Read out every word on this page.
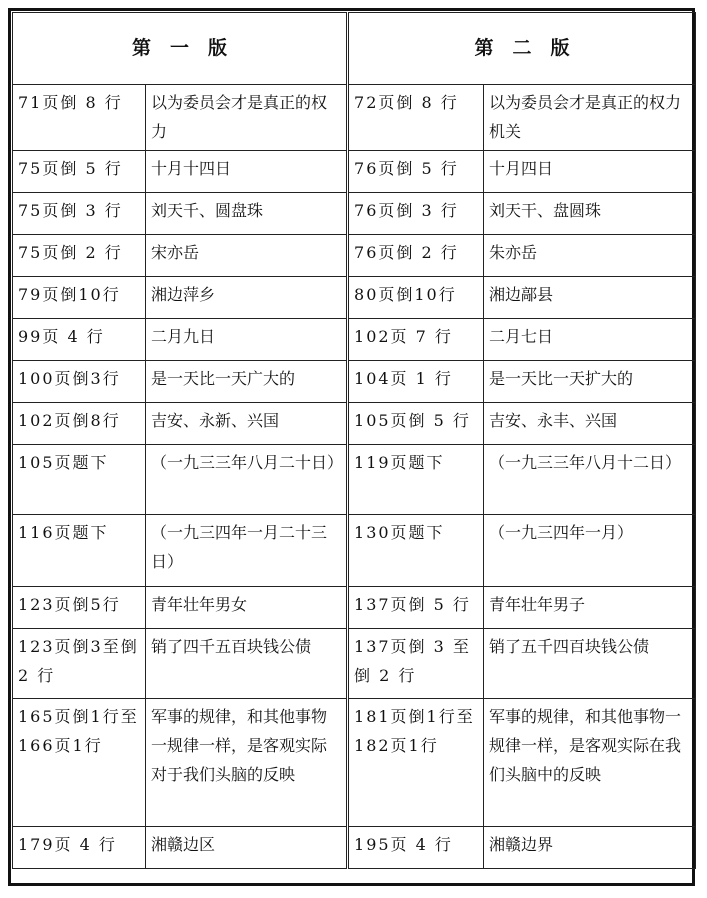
第　一　版		第　二　版	
71页倒 8 行	以为委员会才是真正的权力	72页倒 8 行	以为委员会才是真正的权力机关
75页倒 5 行	十月十四日	76页倒 5 行	十月四日
75页倒 3 行	刘天千、圆盘珠	76页倒 3 行	刘天干、盘圆珠
75页倒 2 行	宋亦岳	76页倒 2 行	朱亦岳
79页倒10行	湘边萍乡	80页倒10行	湘边鄗县
99页 4 行	二月九日	102页 7 行	二月七日
100页倒3行	是一天比一天广大的	104页 1 行	是一天比一天扩大的
102页倒8行	吉安、永新、兴国	105页倒 5 行	吉安、永丰、兴国
105页题下	（一九三三年八月二十日）	119页题下	（一九三三年八月十二日）
116页题下	（一九三四年一月二十三日）	130页题下	（一九三四年一月）
123页倒5行	青年壮年男女	137页倒 5 行	青年壮年男子
123页倒3至倒 2 行	销了四千五百块钱公债	137页倒 3 至倒 2 行	销了五千四百块钱公债
165页倒1行至166页1行	军事的规律，和其他事物一规律一样，是客观实际对于我们头脑的反映	181页倒1行至182页1行	军事的规律，和其他事物一规律一样，是客观实际在我们头脑中的反映
179页 4 行	湘赣边区	195页 4 行	湘赣边界
